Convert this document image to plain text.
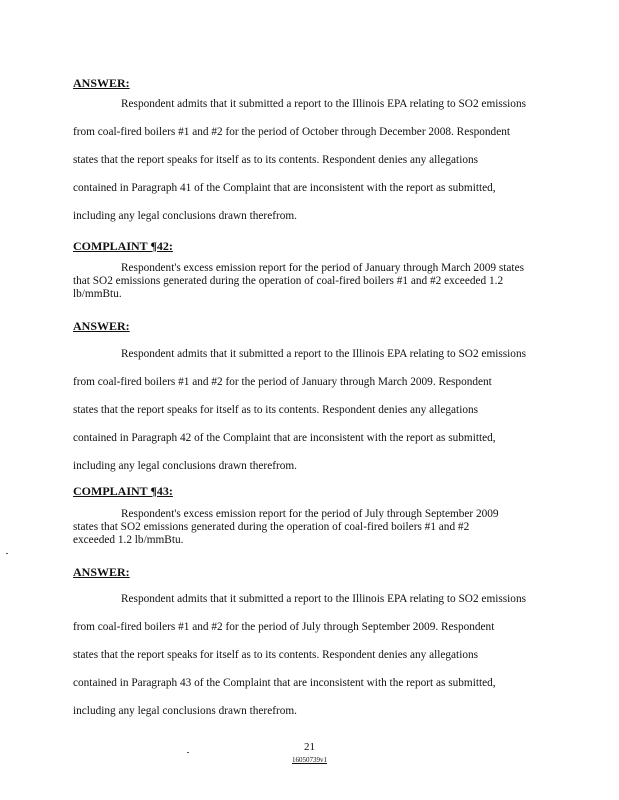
ANSWER:
Respondent admits that it submitted a report to the Illinois EPA relating to SO2 emissions
from coal-fired boilers #1 and #2 for the period of October through December 2008. Respondent
states that the report speaks for itself as to its contents. Respondent denies any allegations
contained in Paragraph 41 of the Complaint that are inconsistent with the report as submitted,
including any legal conclusions drawn therefrom.
COMPLAINT ¶42:
Respondent's excess emission report for the period of January through March 2009 states
that SO2 emissions generated during the operation of coal-fired boilers #1 and #2 exceeded 1.2
lb/mmBtu.
ANSWER:
Respondent admits that it submitted a report to the Illinois EPA relating to SO2 emissions
from coal-fired boilers #1 and #2 for the period of January through March 2009. Respondent
states that the report speaks for itself as to its contents. Respondent denies any allegations
contained in Paragraph 42 of the Complaint that are inconsistent with the report as submitted,
including any legal conclusions drawn therefrom.
COMPLAINT ¶43:
Respondent's excess emission report for the period of July through September 2009
states that SO2 emissions generated during the operation of coal-fired boilers #1 and #2
exceeded 1.2 lb/mmBtu.
ANSWER:
Respondent admits that it submitted a report to the Illinois EPA relating to SO2 emissions
from coal-fired boilers #1 and #2 for the period of July through September 2009. Respondent
states that the report speaks for itself as to its contents. Respondent denies any allegations
contained in Paragraph 43 of the Complaint that are inconsistent with the report as submitted,
including any legal conclusions drawn therefrom.
21
16050739v1
